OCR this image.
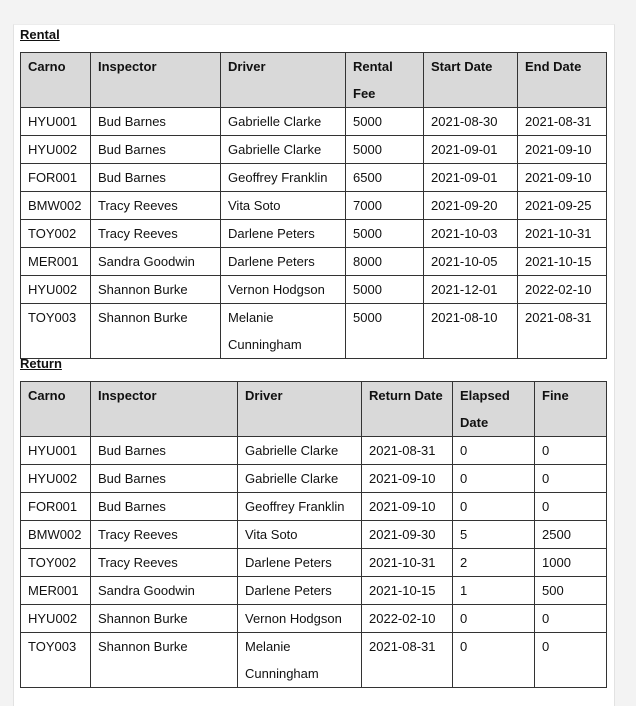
Rental
Carno	Inspector	Driver	Rental Fee	Start Date	End Date
HYU001	Bud Barnes	Gabrielle Clarke	5000	2021-08-30	2021-08-31
HYU002	Bud Barnes	Gabrielle Clarke	5000	2021-09-01	2021-09-10
FOR001	Bud Barnes	Geoffrey Franklin	6500	2021-09-01	2021-09-10
BMW002	Tracy Reeves	Vita Soto	7000	2021-09-20	2021-09-25
TOY002	Tracy Reeves	Darlene Peters	5000	2021-10-03	2021-10-31
MER001	Sandra Goodwin	Darlene Peters	8000	2021-10-05	2021-10-15
HYU002	Shannon Burke	Vernon Hodgson	5000	2021-12-01	2022-02-10
TOY003	Shannon Burke	Melanie Cunningham	5000	2021-08-10	2021-08-31
Return
Carno	Inspector	Driver	Return Date	Elapsed Date	Fine
HYU001	Bud Barnes	Gabrielle Clarke	2021-08-31	0	0
HYU002	Bud Barnes	Gabrielle Clarke	2021-09-10	0	0
FOR001	Bud Barnes	Geoffrey Franklin	2021-09-10	0	0
BMW002	Tracy Reeves	Vita Soto	2021-09-30	5	2500
TOY002	Tracy Reeves	Darlene Peters	2021-10-31	2	1000
MER001	Sandra Goodwin	Darlene Peters	2021-10-15	1	500
HYU002	Shannon Burke	Vernon Hodgson	2022-02-10	0	0
TOY003	Shannon Burke	Melanie Cunningham	2021-08-31	0	0
